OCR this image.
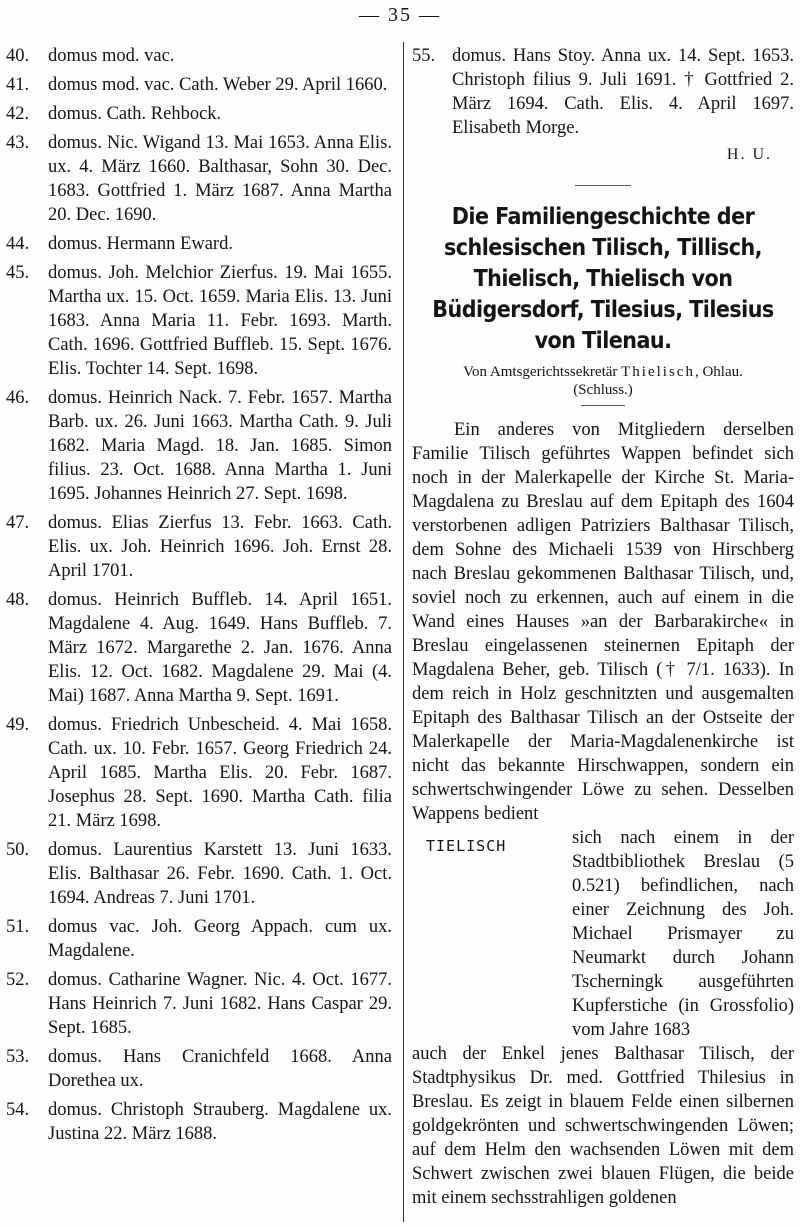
— 35 —
40.	domus mod. vac.
41.	domus mod. vac. Cath. Weber 29. April 1660.
42.	domus. Cath. Rehbock.
43.	domus. Nic. Wigand 13. Mai 1653. Anna Elis. ux. 4. März 1660. Balthasar, Sohn 30. Dec. 1683. Gottfried 1. März 1687. Anna Martha 20. Dec. 1690.
44.	domus. Hermann Eward.
45.	domus. Joh. Melchior Zierfus. 19. Mai 1655. Martha ux. 15. Oct. 1659. Maria Elis. 13. Juni 1683. Anna Maria 11. Febr. 1693. Marth. Cath. 1696. Gottfried Buffleb. 15. Sept. 1676. Elis. Tochter 14. Sept. 1698.
46.	domus. Heinrich Nack. 7. Febr. 1657. Martha Barb. ux. 26. Juni 1663. Martha Cath. 9. Juli 1682. Maria Magd. 18. Jan. 1685. Simon filius. 23. Oct. 1688. Anna Martha 1. Juni 1695. Johannes Heinrich 27. Sept. 1698.
47.	domus. Elias Zierfus 13. Febr. 1663. Cath. Elis. ux. Joh. Heinrich 1696. Joh. Ernst 28. April 1701.
48.	domus. Heinrich Buffleb. 14. April 1651. Magdalene 4. Aug. 1649. Hans Buffleb. 7. März 1672. Margarethe 2. Jan. 1676. Anna Elis. 12. Oct. 1682. Magdalene 29. Mai (4. Mai) 1687. Anna Martha 9. Sept. 1691.
49.	domus. Friedrich Unbescheid. 4. Mai 1658. Cath. ux. 10. Febr. 1657. Georg Friedrich 24. April 1685. Martha Elis. 20. Febr. 1687. Josephus 28. Sept. 1690. Martha Cath. filia 21. März 1698.
50.	domus. Laurentius Karstett 13. Juni 1633. Elis. Balthasar 26. Febr. 1690. Cath. 1. Oct. 1694. Andreas 7. Juni 1701.
51.	domus vac. Joh. Georg Appach. cum ux. Magdalene.
52.	domus. Catharine Wagner. Nic. 4. Oct. 1677. Hans Heinrich 7. Juni 1682. Hans Caspar 29. Sept. 1685.
53.	domus. Hans Cranichfeld 1668. Anna Dorethea ux.
54.	domus. Christoph Strauberg. Magdalene ux. Justina 22. März 1688.
55. domus. Hans Stoy. Anna ux. 14. Sept. 1653. Christoph filius 9. Juli 1691. † Gottfried 2. März 1694. Cath. Elis. 4. April 1697. Elisabeth Morge.
H. U.
Die Familiengeschichte der schlesischen Tilisch, Tillisch, Thielisch, Thielisch von Büdigersdorf, Tilesius, Tilesius von Tilenau.
Von Amtsgerichtssekretär Thielisch, Ohlau.
(Schluss.)
Ein anderes von Mitgliedern derselben Familie Tilisch geführtes Wappen befindet sich noch in der Malerkapelle der Kirche St. Maria-Magdalena zu Breslau auf dem Epitaph des 1604 verstorbenen adligen Patriziers Balthasar Tilisch, dem Sohne des Michaeli 1539 von Hirschberg nach Breslau gekommenen Balthasar Tilisch, und, soviel noch zu erkennen, auch auf einem in die Wand eines Hauses »an der Barbarakirche« in Breslau eingelassenen steinernen Epitaph der Magdalena Beher, geb. Tilisch († 7/1. 1633). In dem reich in Holz geschnitzten und ausgemalten Epitaph des Balthasar Tilisch an der Ostseite der Malerkapelle der Maria-Magdalenenkirche ist nicht das bekannte Hirschwappen, sondern ein schwertschwingender Löwe zu sehen. Desselben Wappens bedient
TIELISCH	sich nach einem in der Stadtbibliothek Breslau (5 0.521) befindlichen, nach einer Zeichnung des Joh. Michael Prismayer zu Neumarkt durch Johann Tscherningk ausgeführten Kupferstiche (in Grossfolio) vom Jahre 1683
auch der Enkel jenes Balthasar Tilisch, der Stadtphysikus Dr. med. Gottfried Thilesius in Breslau. Es zeigt in blauem Felde einen silbernen goldgekrönten und schwertschwingenden Löwen; auf dem Helm den wachsenden Löwen mit dem Schwert zwischen zwei blauen Flügen, die beide mit einem sechsstrahligen goldenen
